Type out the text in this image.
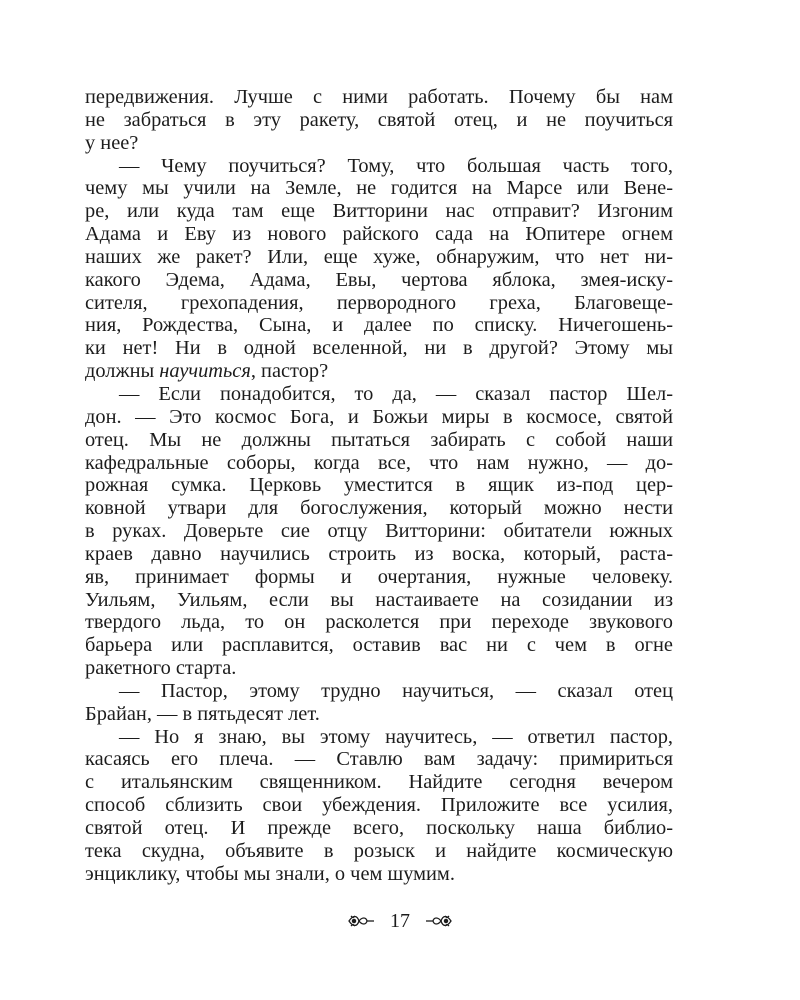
передвижения. Лучше с ними работать. Почему бы нам
не забраться в эту ракету, святой отец, и не поучиться
у нее?
— Чему поучиться? Тому, что большая часть того,
чему мы учили на Земле, не годится на Марсе или Вене-
ре, или куда там еще Витторини нас отправит? Изгоним
Адама и Еву из нового райского сада на Юпитере огнем
наших же ракет? Или, еще хуже, обнаружим, что нет ни-
какого Эдема, Адама, Евы, чертова яблока, змея-иску-
сителя, грехопадения, первородного греха, Благовеще-
ния, Рождества, Сына, и далее по списку. Ничегошень-
ки нет! Ни в одной вселенной, ни в другой? Этому мы
должны научиться, пастор?
— Если понадобится, то да, — сказал пастор Шел-
дон. — Это космос Бога, и Божьи миры в космосе, святой
отец. Мы не должны пытаться забирать с собой наши
кафедральные соборы, когда все, что нам нужно, — до-
рожная сумка. Церковь уместится в ящик из-под цер-
ковной утвари для богослужения, который можно нести
в руках. Доверьте сие отцу Витторини: обитатели южных
краев давно научились строить из воска, который, раста-
яв, принимает формы и очертания, нужные человеку.
Уильям, Уильям, если вы настаиваете на созидании из
твердого льда, то он расколется при переходе звукового
барьера или расплавится, оставив вас ни с чем в огне
ракетного старта.
— Пастор, этому трудно научиться, — сказал отец
Брайан, — в пятьдесят лет.
— Но я знаю, вы этому научитесь, — ответил пастор,
касаясь его плеча. — Ставлю вам задачу: примириться
с итальянским священником. Найдите сегодня вечером
способ сблизить свои убеждения. Приложите все усилия,
святой отец. И прежде всего, поскольку наша библио-
тека скудна, объявите в розыск и найдите космическую
энциклику, чтобы мы знали, о чем шумим.
17
